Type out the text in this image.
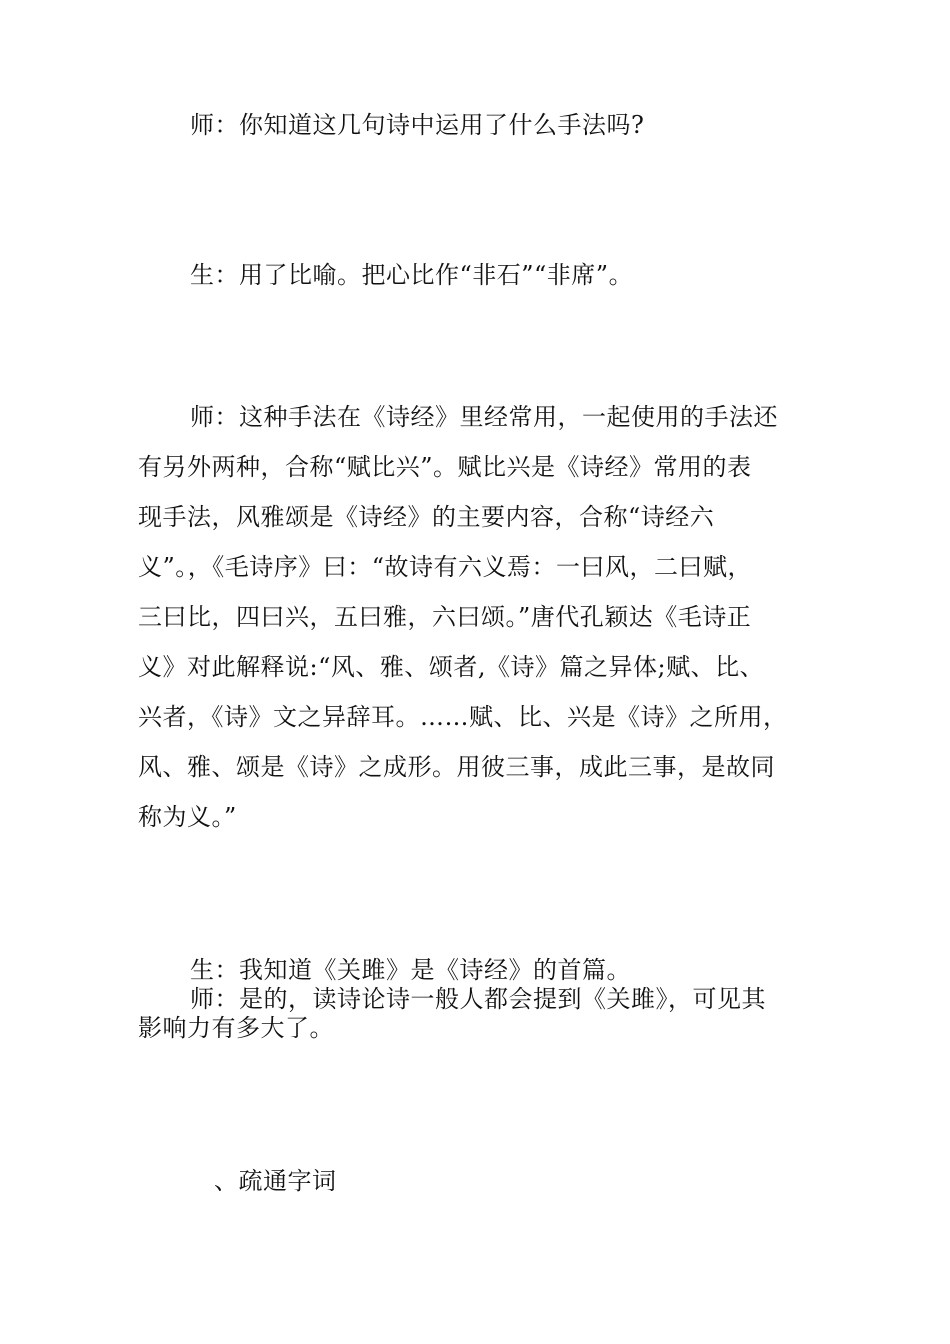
师：你知道这几句诗中运用了什么手法吗?
生：用了比喻。把心比作“非石”“非席”。
师：这种手法在《诗经》里经常用，一起使用的手法还
有另外两种，合称“赋比兴”。赋比兴是《诗经》常用的表
现手法，风雅颂是《诗经》的主要内容，合称“诗经六
义”。，《毛诗序》曰：“故诗有六义焉：一曰风，二曰赋，
三曰比，四曰兴，五曰雅，六曰颂。”唐代孔颖达《毛诗正
义》对此解释说:“风、雅、颂者,《诗》篇之异体;赋、比、
兴者，《诗》文之异辞耳。……赋、比、兴是《诗》之所用，
风、雅、颂是《诗》之成形。用彼三事，成此三事，是故同
称为义。”
生：我知道《关雎》是《诗经》的首篇。
师：是的，读诗论诗一般人都会提到《关雎》，可见其
影响力有多大了。
、疏通字词
